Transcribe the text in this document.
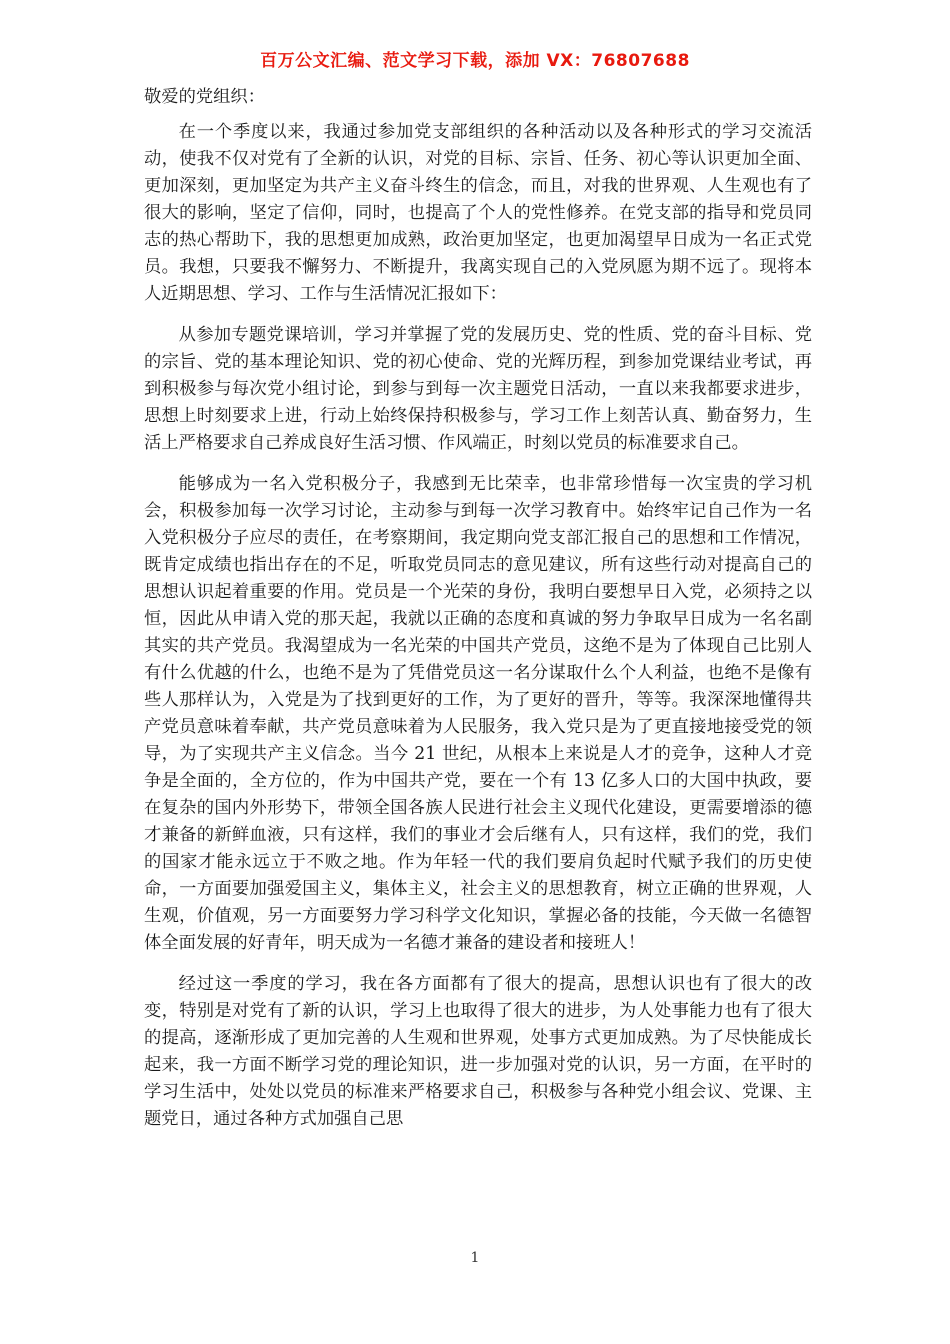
百万公文汇编、范文学习下载，添加 VX：76807688

敬爱的党组织：

在一个季度以来，我通过参加党支部组织的各种活动以及各种形式的学习交流活动，使我不仅对党有了全新的认识，对党的目标、宗旨、任务、初心等认识更加全面、更加深刻，更加坚定为共产主义奋斗终生的信念，而且，对我的世界观、人生观也有了很大的影响，坚定了信仰，同时，也提高了个人的党性修养。在党支部的指导和党员同志的热心帮助下，我的思想更加成熟，政治更加坚定，也更加渴望早日成为一名正式党员。我想，只要我不懈努力、不断提升，我离实现自己的入党夙愿为期不远了。现将本人近期思想、学习、工作与生活情况汇报如下：

从参加专题党课培训，学习并掌握了党的发展历史、党的性质、党的奋斗目标、党的宗旨、党的基本理论知识、党的初心使命、党的光辉历程，到参加党课结业考试，再到积极参与每次党小组讨论，到参与到每一次主题党日活动，一直以来我都要求进步，思想上时刻要求上进，行动上始终保持积极参与，学习工作上刻苦认真、勤奋努力，生活上严格要求自己养成良好生活习惯、作风端正，时刻以党员的标准要求自己。

能够成为一名入党积极分子，我感到无比荣幸，也非常珍惜每一次宝贵的学习机会，积极参加每一次学习讨论，主动参与到每一次学习教育中。始终牢记自己作为一名入党积极分子应尽的责任，在考察期间，我定期向党支部汇报自己的思想和工作情况，既肯定成绩也指出存在的不足，听取党员同志的意见建议，所有这些行动对提高自己的思想认识起着重要的作用。党员是一个光荣的身份，我明白要想早日入党，必须持之以恒，因此从申请入党的那天起，我就以正确的态度和真诚的努力争取早日成为一名名副其实的共产党员。我渴望成为一名光荣的中国共产党员，这绝不是为了体现自己比别人有什么优越的什么，也绝不是为了凭借党员这一名分谋取什么个人利益，也绝不是像有些人那样认为，入党是为了找到更好的工作，为了更好的晋升，等等。我深深地懂得共产党员意味着奉献，共产党员意味着为人民服务，我入党只是为了更直接地接受党的领导，为了实现共产主义信念。当今 21 世纪，从根本上来说是人才的竞争，这种人才竞争是全面的，全方位的，作为中国共产党，要在一个有 13 亿多人口的大国中执政，要在复杂的国内外形势下，带领全国各族人民进行社会主义现代化建设，更需要增添的德才兼备的新鲜血液，只有这样，我们的事业才会后继有人，只有这样，我们的党，我们的国家才能永远立于不败之地。作为年轻一代的我们要肩负起时代赋予我们的历史使命，一方面要加强爱国主义，集体主义，社会主义的思想教育，树立正确的世界观，人生观，价值观，另一方面要努力学习科学文化知识，掌握必备的技能，今天做一名德智体全面发展的好青年，明天成为一名德才兼备的建设者和接班人！

经过这一季度的学习，我在各方面都有了很大的提高，思想认识也有了很大的改变，特别是对党有了新的认识，学习上也取得了很大的进步，为人处事能力也有了很大的提高，逐渐形成了更加完善的人生观和世界观，处事方式更加成熟。为了尽快能成长起来，我一方面不断学习党的理论知识，进一步加强对党的认识，另一方面，在平时的学习生活中，处处以党员的标准来严格要求自己，积极参与各种党小组会议、党课、主题党日，通过各种方式加强自己思

1
